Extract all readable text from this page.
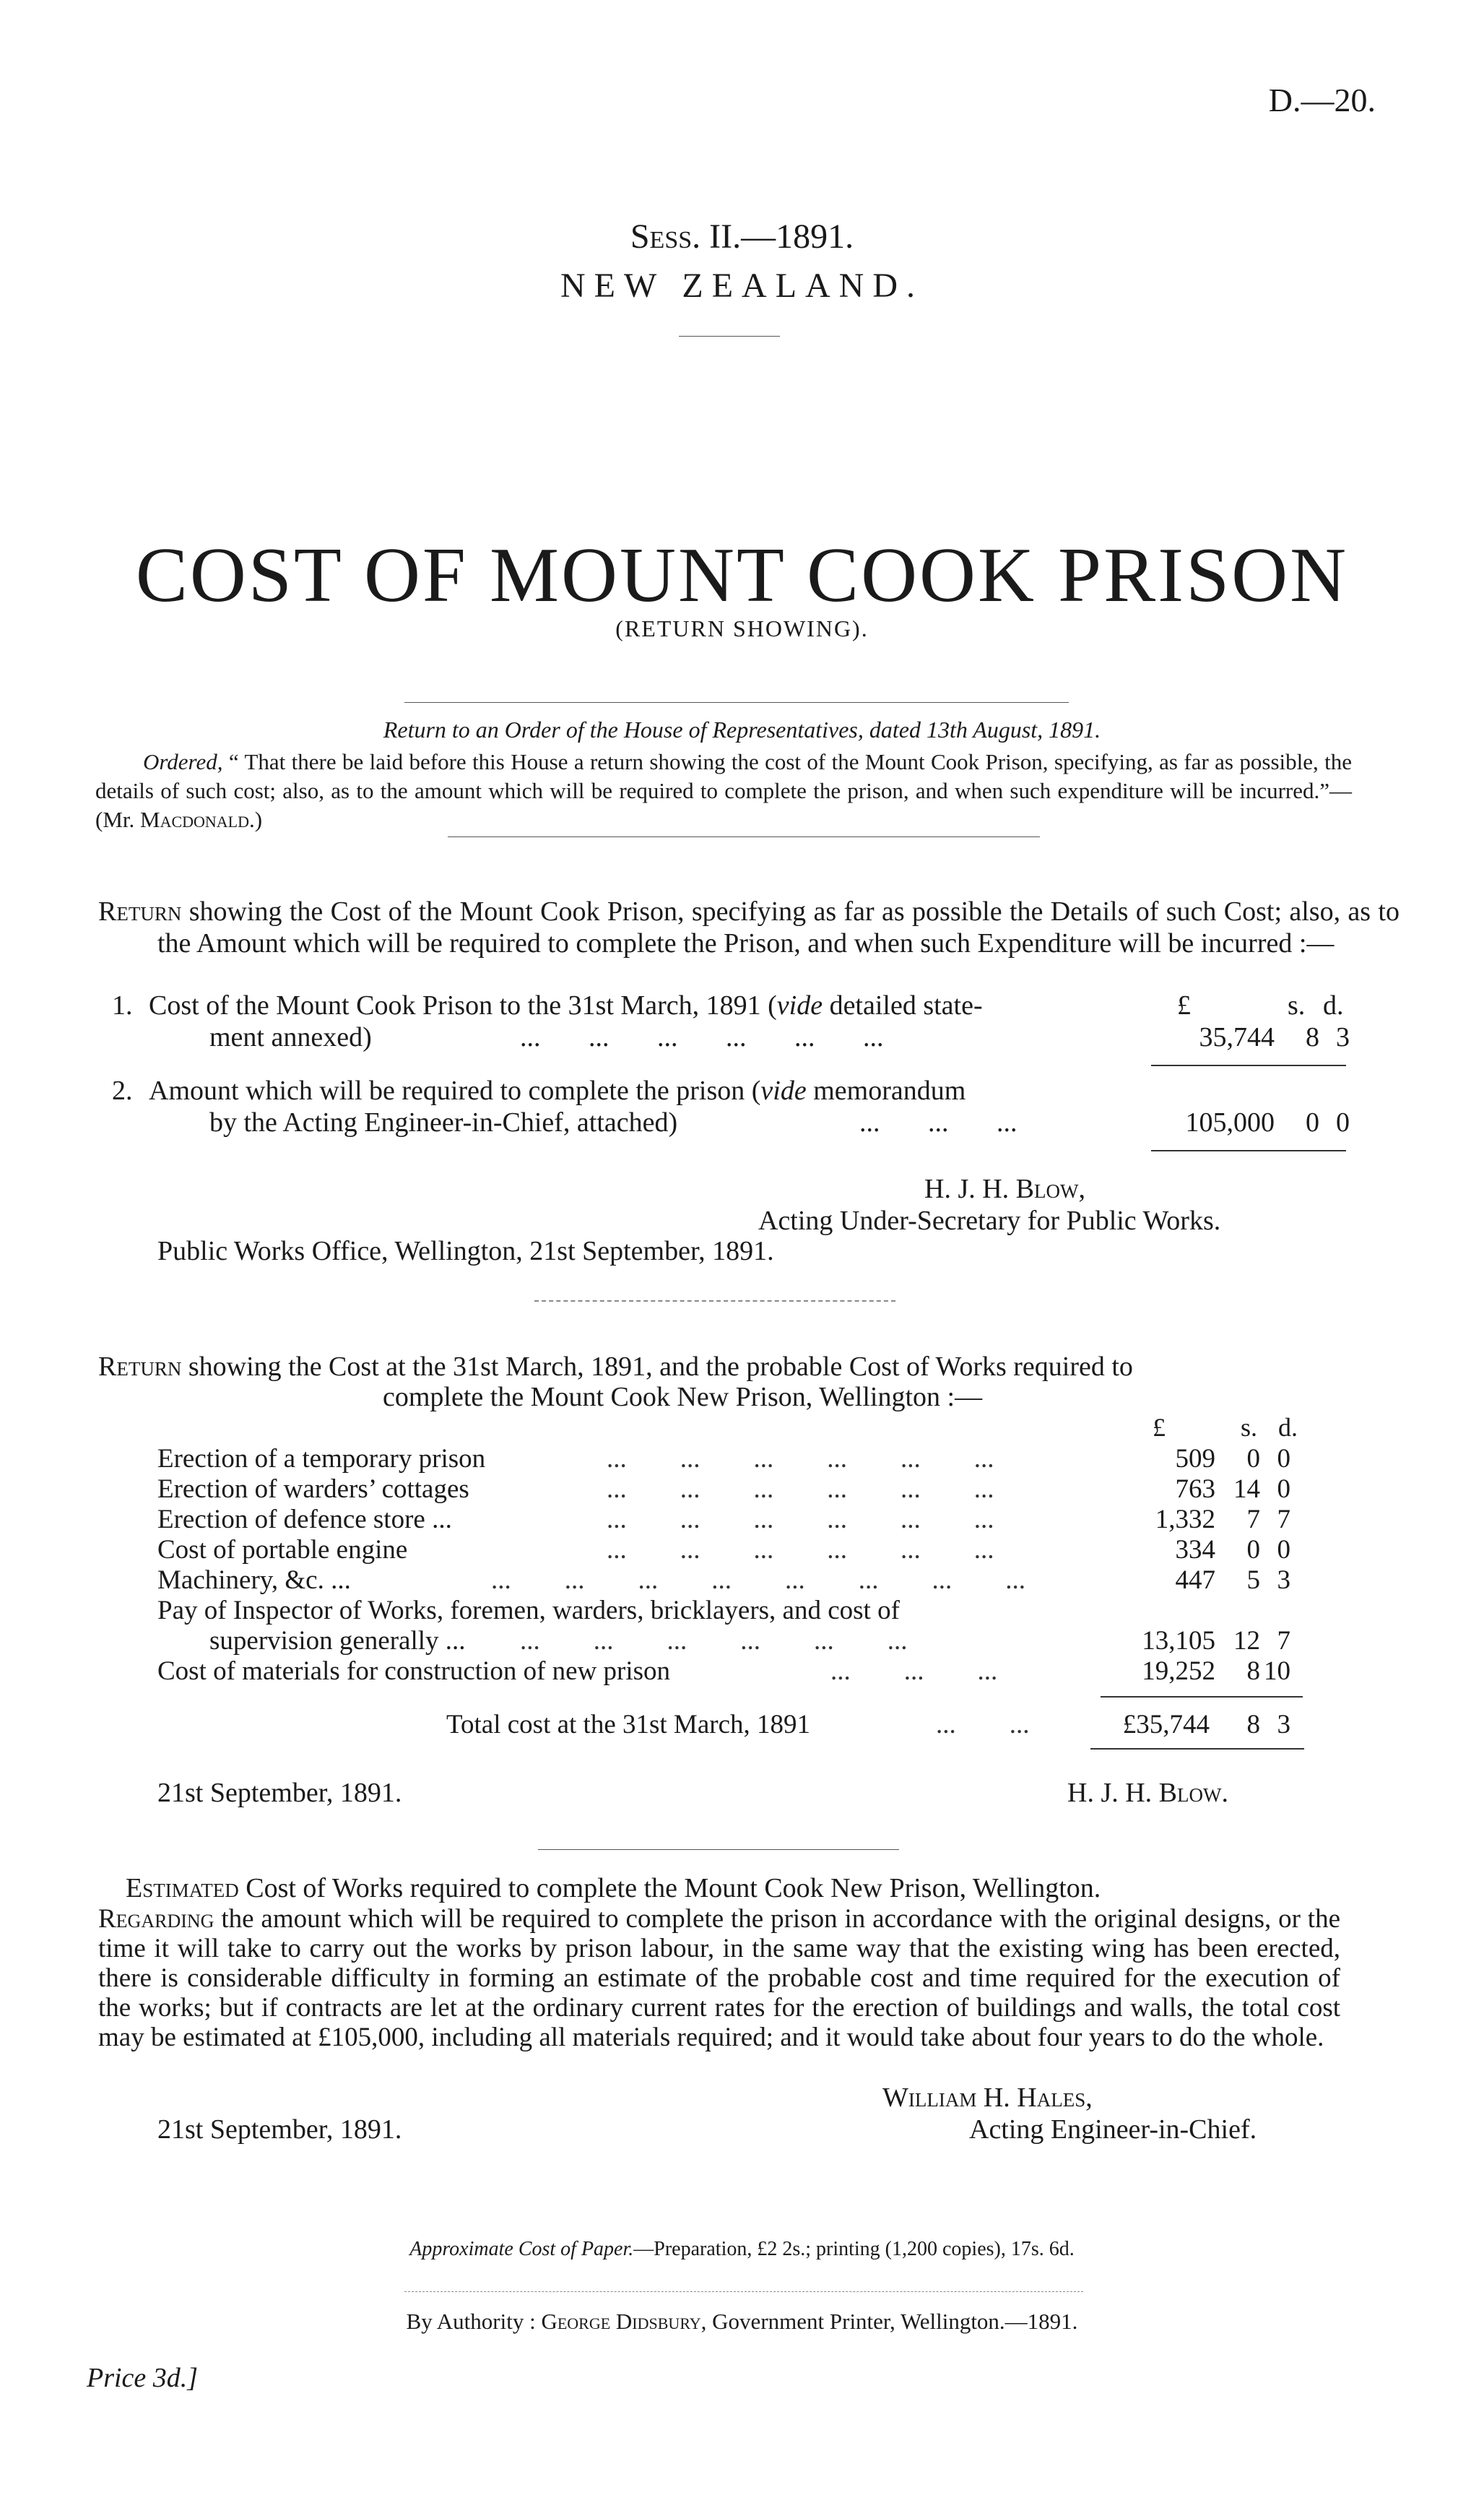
D.—20.
Sess. II.—1891.
NEW ZEALAND.
COST OF MOUNT COOK PRISON
(RETURN SHOWING).
Return to an Order of the House of Representatives, dated 13th August, 1891.
Ordered, “ That there be laid before this House a return showing the cost of the Mount Cook Prison, specifying, as far as possible, the details of such cost; also, as to the amount which will be required to complete the prison, and when such expenditure will be incurred.”—(Mr. Macdonald.)
Return showing the Cost of the Mount Cook Prison, specifying as far as possible the Details of such Cost; also, as to the Amount which will be required to complete the Prison, and when such Expenditure will be incurred :—
£	s. d.
1. Cost of the Mount Cook Prison to the 31st March, 1891 (vide detailed state-
ment annexed)	...       ...       ...       ...       ...       ...	35,744 8 3
2. Amount which will be required to complete the prison (vide memorandum
by the Acting Engineer-in-Chief, attached)	...       ...       ...	105,000 0 0
H. J. H. Blow,
Acting Under-Secretary for Public Works.
Public Works Office, Wellington, 21st September, 1891.
Return showing the Cost at the 31st March, 1891, and the probable Cost of Works required to
complete the Mount Cook New Prison, Wellington :—
£	s. d.
Erection of a temporary prison	...        ...        ...        ...        ...        ...	509 0 0
Erection of warders’ cottages	...        ...        ...        ...        ...        ...	763 14 0
Erection of defence store ...	...        ...        ...        ...        ...        ...	1,332 7 7
Cost of portable engine	...        ...        ...        ...        ...        ...	334 0 0
Machinery, &c. ...	...        ...        ...        ...        ...        ...        ...        ...	447 5 3
Pay of Inspector of Works, foremen, warders, bricklayers, and cost of
supervision generally ... ...        ...        ...        ...        ...        ...	13,105 12 7
Cost of materials for construction of new prison	...        ...        ...	19,252 8 10
Total cost at the 31st March, 1891	...        ...	£35,744 8 3
21st September, 1891.	H. J. H. Blow.
Estimated Cost of Works required to complete the Mount Cook New Prison, Wellington.
Regarding the amount which will be required to complete the prison in accordance with the original designs, or the time it will take to carry out the works by prison labour, in the same way that the existing wing has been erected, there is considerable difficulty in forming an estimate of the probable cost and time required for the execution of the works; but if contracts are let at the ordinary current rates for the erection of buildings and walls, the total cost may be estimated at £105,000, including all materials required; and it would take about four years to do the whole.
William H. Hales,
21st September, 1891.	Acting Engineer-in-Chief.
Approximate Cost of Paper.—Preparation, £2 2s.; printing (1,200 copies), 17s. 6d.
By Authority : George Didsbury, Government Printer, Wellington.—1891.
Price 3d.]
